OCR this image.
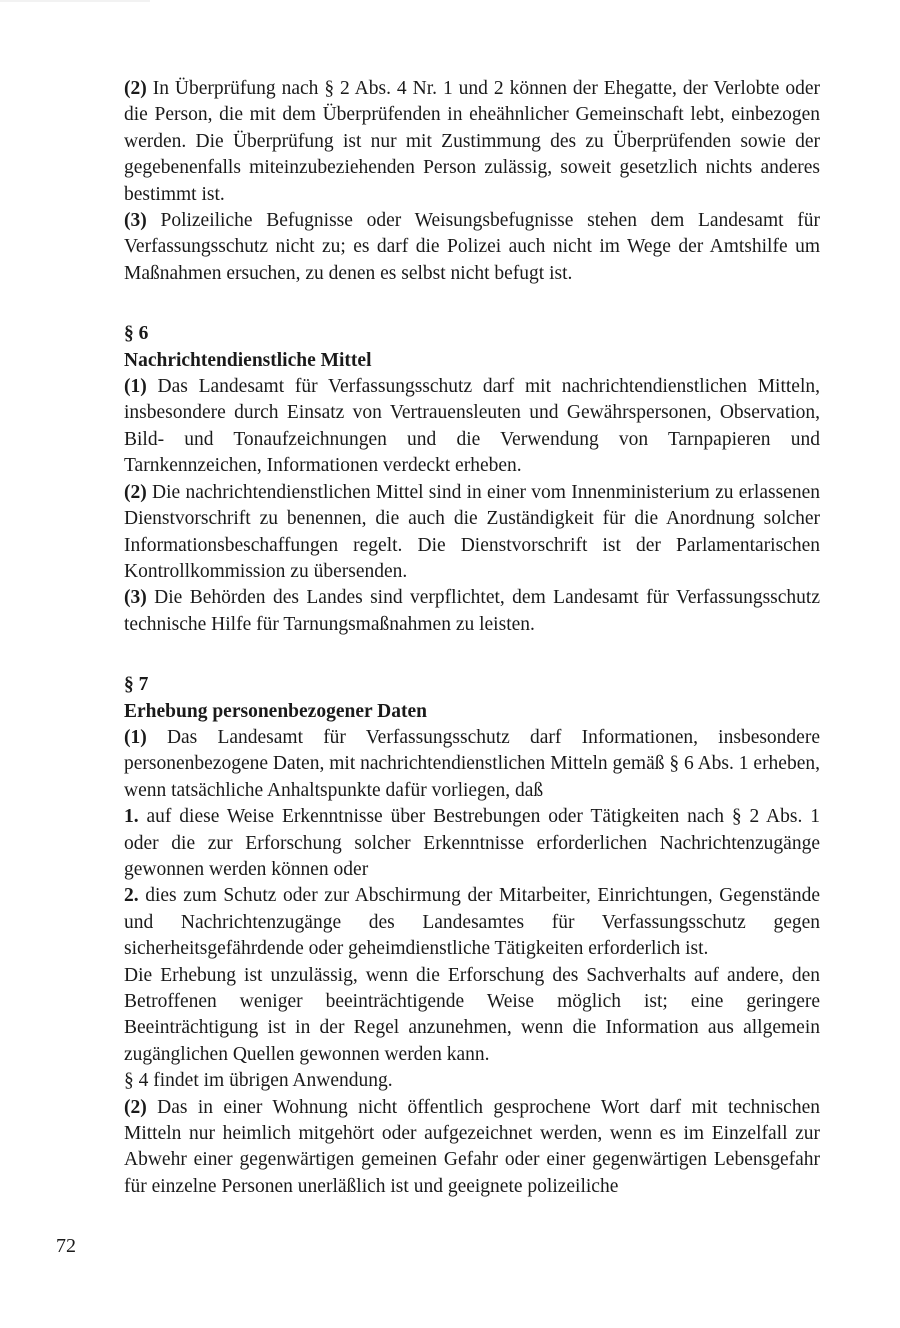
(2) In Überprüfung nach § 2 Abs. 4 Nr. 1 und 2 können der Ehegatte, der Verlobte oder die Person, die mit dem Überprüfenden in eheähnlicher Gemeinschaft lebt, einbezogen werden. Die Überprüfung ist nur mit Zustimmung des zu Überprüfenden sowie der gegebenenfalls miteinzubeziehenden Person zulässig, soweit gesetzlich nichts anderes bestimmt ist.

(3) Polizeiliche Befugnisse oder Weisungsbefugnisse stehen dem Landesamt für Verfassungsschutz nicht zu; es darf die Polizei auch nicht im Wege der Amtshilfe um Maßnahmen ersuchen, zu denen es selbst nicht befugt ist.

§ 6

Nachrichtendienstliche Mittel

(1) Das Landesamt für Verfassungsschutz darf mit nachrichtendienstlichen Mitteln, insbesondere durch Einsatz von Vertrauensleuten und Gewährspersonen, Observation, Bild- und Tonaufzeichnungen und die Verwendung von Tarnpapieren und Tarnkennzeichen, Informationen verdeckt erheben.

(2) Die nachrichtendienstlichen Mittel sind in einer vom Innenministerium zu erlassenen Dienstvorschrift zu benennen, die auch die Zuständigkeit für die Anordnung solcher Informationsbeschaffungen regelt. Die Dienstvorschrift ist der Parlamentarischen Kontrollkommission zu übersenden.

(3) Die Behörden des Landes sind verpflichtet, dem Landesamt für Verfassungsschutz technische Hilfe für Tarnungsmaßnahmen zu leisten.

§ 7

Erhebung personenbezogener Daten

(1) Das Landesamt für Verfassungsschutz darf Informationen, insbesondere personenbezogene Daten, mit nachrichtendienstlichen Mitteln gemäß § 6 Abs. 1 erheben, wenn tatsächliche Anhaltspunkte dafür vorliegen, daß

1. auf diese Weise Erkenntnisse über Bestrebungen oder Tätigkeiten nach § 2 Abs. 1 oder die zur Erforschung solcher Erkenntnisse erforderlichen Nachrichtenzugänge gewonnen werden können oder

2. dies zum Schutz oder zur Abschirmung der Mitarbeiter, Einrichtungen, Gegenstände und Nachrichtenzugänge des Landesamtes für Verfassungsschutz gegen sicherheitsgefährdende oder geheimdienstliche Tätigkeiten erforderlich ist.

Die Erhebung ist unzulässig, wenn die Erforschung des Sachverhalts auf andere, den Betroffenen weniger beeinträchtigende Weise möglich ist; eine geringere Beeinträchtigung ist in der Regel anzunehmen, wenn die Information aus allgemein zugänglichen Quellen gewonnen werden kann.

§ 4 findet im übrigen Anwendung.

(2) Das in einer Wohnung nicht öffentlich gesprochene Wort darf mit technischen Mitteln nur heimlich mitgehört oder aufgezeichnet werden, wenn es im Einzelfall zur Abwehr einer gegenwärtigen gemeinen Gefahr oder einer gegenwärtigen Lebensgefahr für einzelne Personen unerläßlich ist und geeignete polizeiliche

72
